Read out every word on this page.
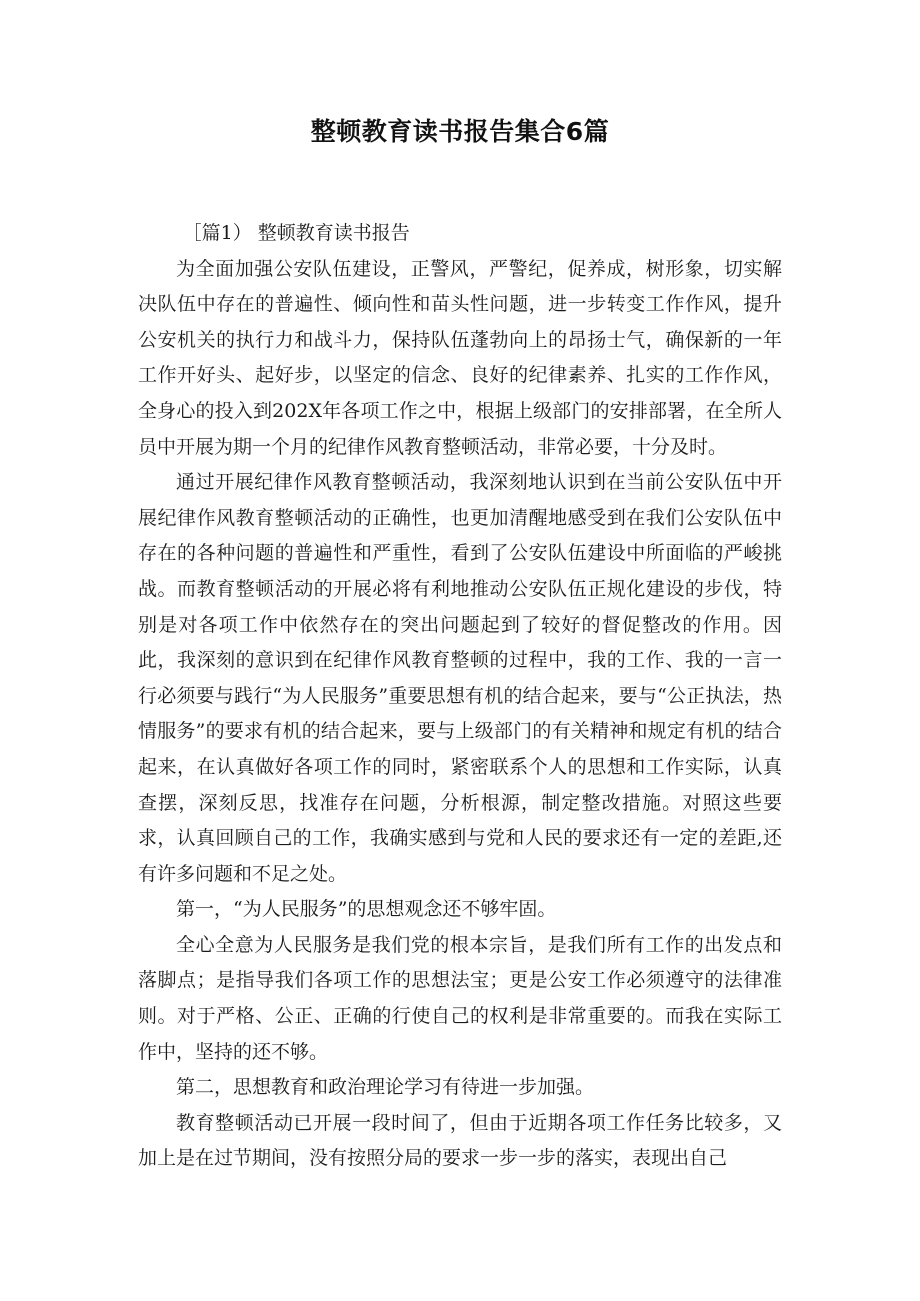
整顿教育读书报告集合6篇

［篇1） 整顿教育读书报告

为全面加强公安队伍建设，正警风，严警纪，促养成，树形象，切实解决队伍中存在的普遍性、倾向性和苗头性问题，进一步转变工作作风，提升公安机关的执行力和战斗力，保持队伍蓬勃向上的昂扬士气，确保新的一年工作开好头、起好步，以坚定的信念、良好的纪律素养、扎实的工作作风，全身心的投入到202X年各项工作之中，根据上级部门的安排部署，在全所人员中开展为期一个月的纪律作风教育整顿活动，非常必要，十分及时。

通过开展纪律作风教育整顿活动，我深刻地认识到在当前公安队伍中开展纪律作风教育整顿活动的正确性，也更加清醒地感受到在我们公安队伍中存在的各种问题的普遍性和严重性，看到了公安队伍建设中所面临的严峻挑战。而教育整顿活动的开展必将有利地推动公安队伍正规化建设的步伐，特别是对各项工作中依然存在的突出问题起到了较好的督促整改的作用。因此，我深刻的意识到在纪律作风教育整顿的过程中，我的工作、我的一言一行必须要与践行“为人民服务”重要思想有机的结合起来，要与“公正执法，热情服务”的要求有机的结合起来，要与上级部门的有关精神和规定有机的结合起来，在认真做好各项工作的同时，紧密联系个人的思想和工作实际，认真查摆，深刻反思，找准存在问题，分析根源，制定整改措施。对照这些要求，认真回顾自己的工作，我确实感到与党和人民的要求还有一定的差距,还有许多问题和不足之处。

第一，“为人民服务”的思想观念还不够牢固。

全心全意为人民服务是我们党的根本宗旨，是我们所有工作的出发点和落脚点；是指导我们各项工作的思想法宝；更是公安工作必须遵守的法律准则。对于严格、公正、正确的行使自己的权利是非常重要的。而我在实际工作中，坚持的还不够。

第二，思想教育和政治理论学习有待进一步加强。

教育整顿活动已开展一段时间了，但由于近期各项工作任务比较多，又加上是在过节期间，没有按照分局的要求一步一步的落实，表现出自己
